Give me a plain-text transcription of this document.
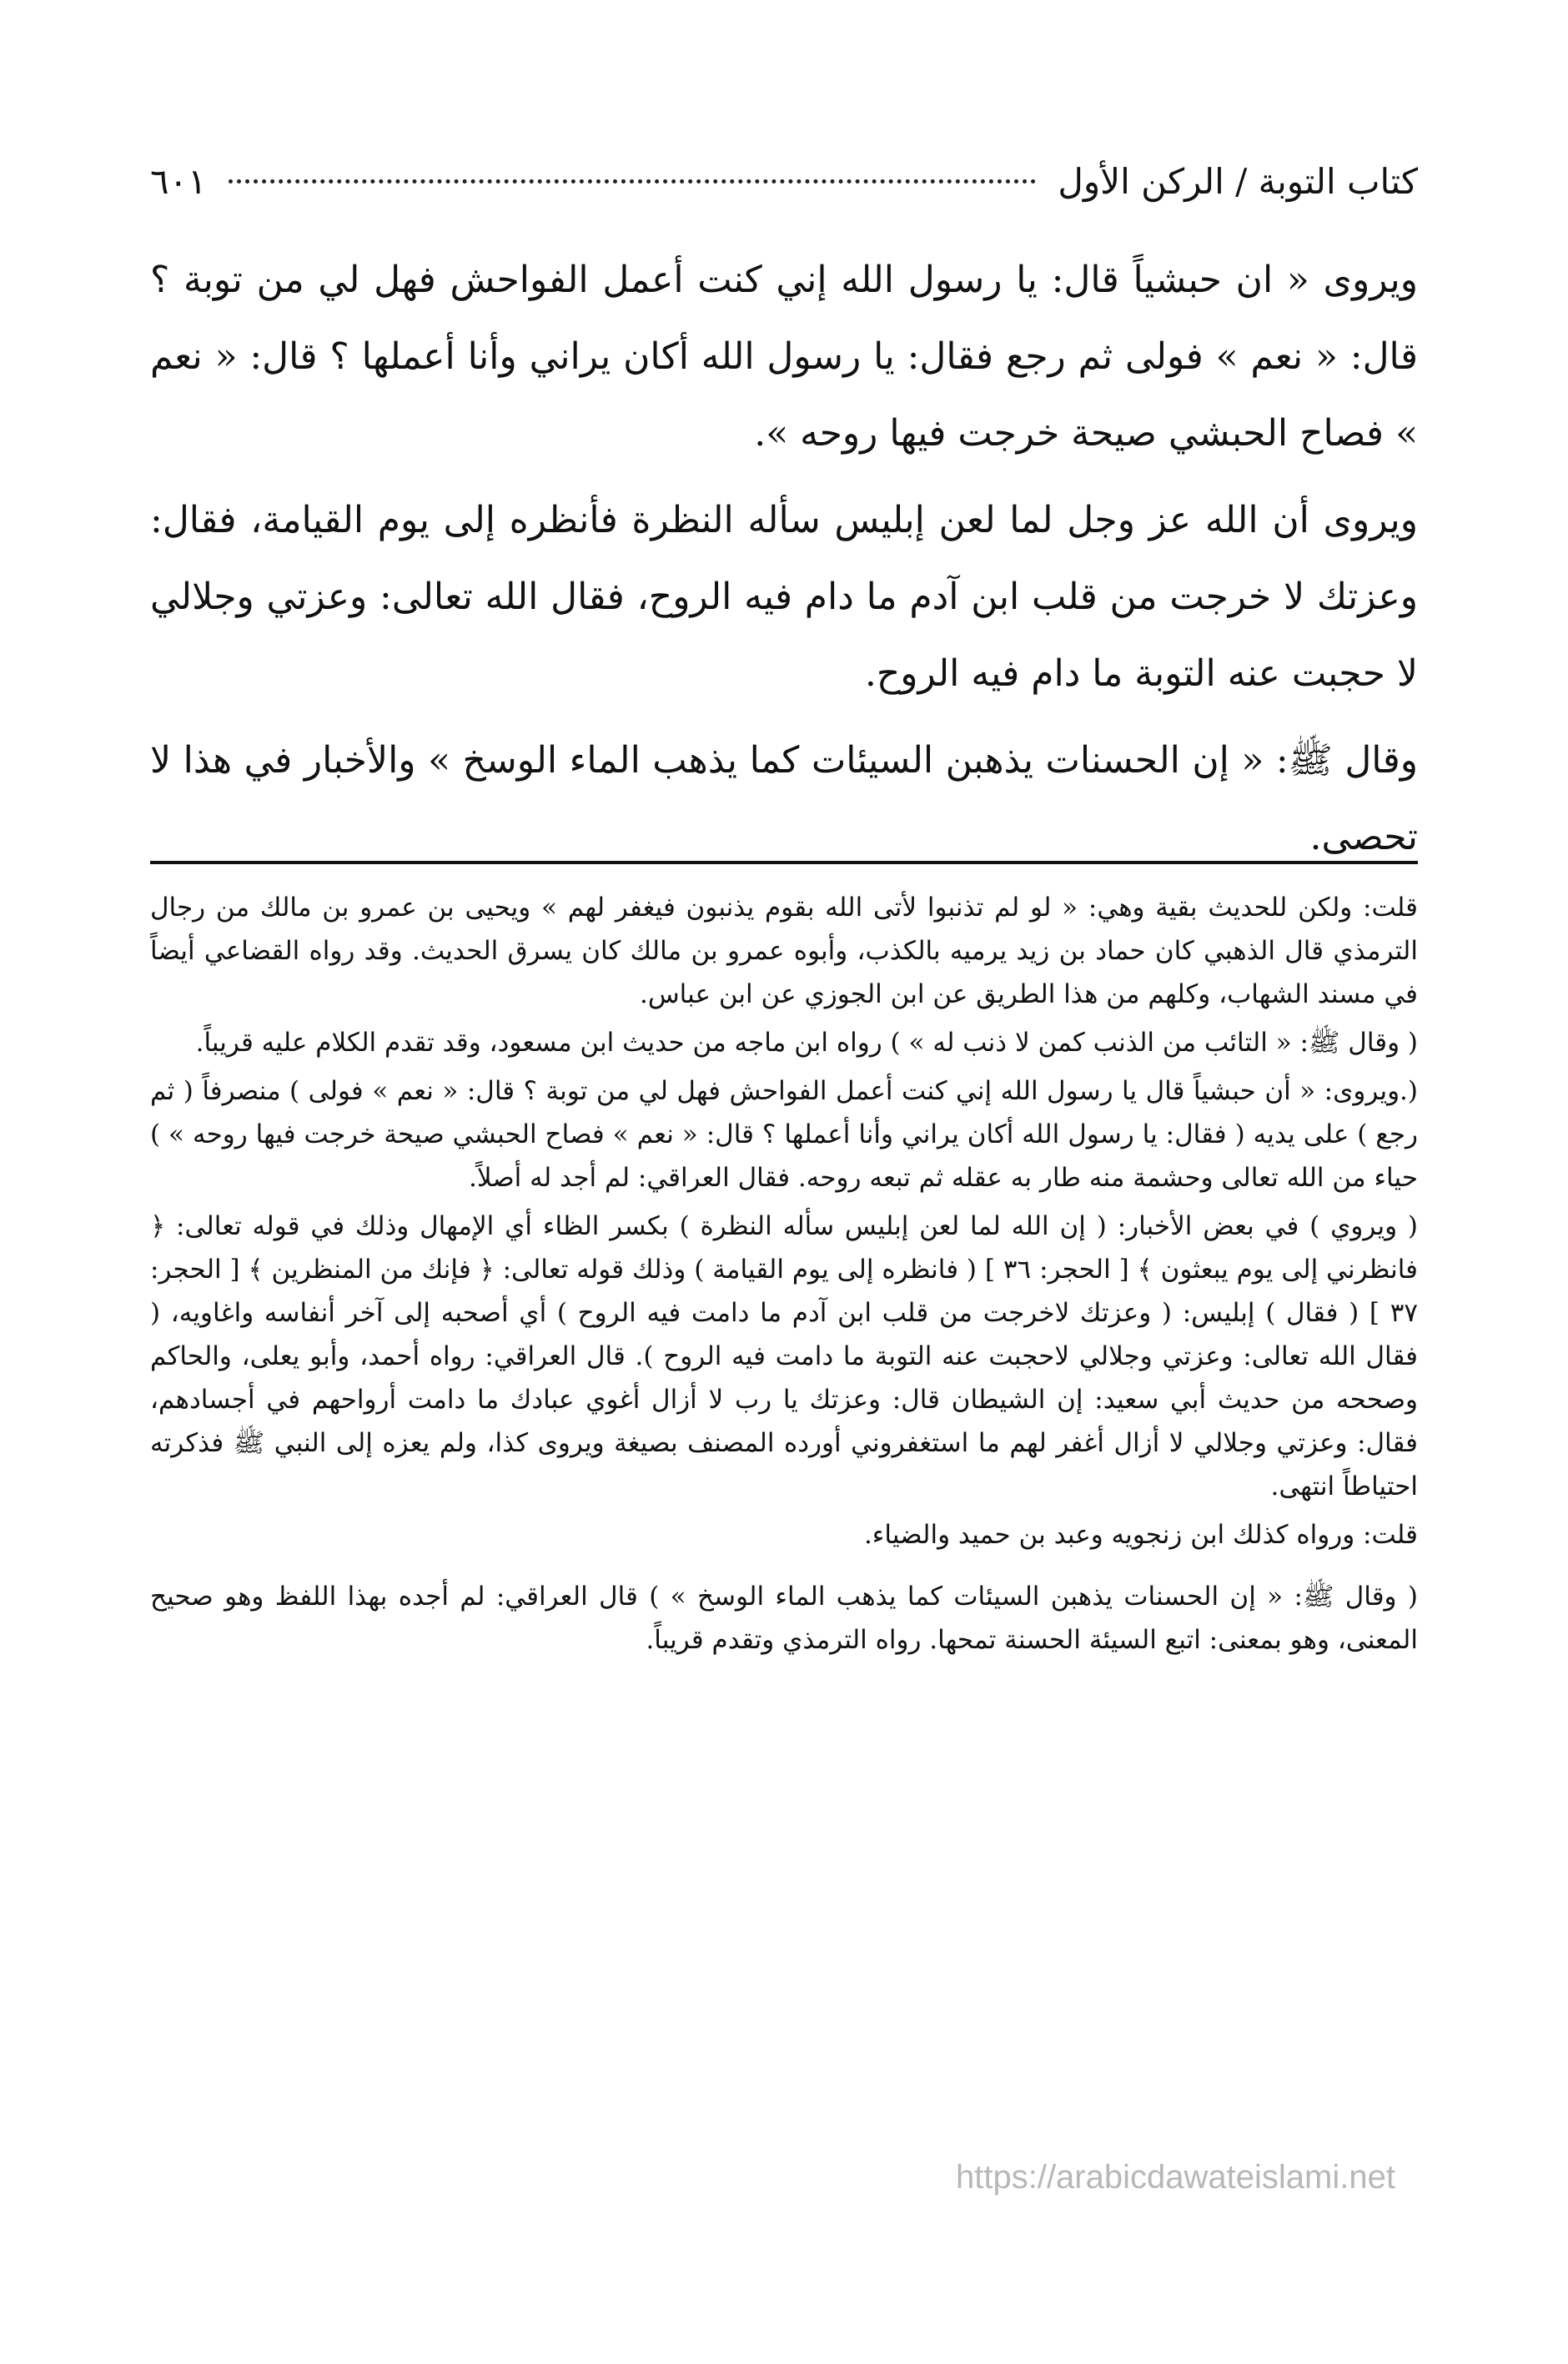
كتاب التوبة / الركن الأول
٦٠١

ويروى « ان حبشياً قال: يا رسول الله إني كنت أعمل الفواحش فهل لي من توبة ؟ قال: « نعم » فولى ثم رجع فقال: يا رسول الله أكان يراني وأنا أعملها ؟ قال: « نعم » فصاح الحبشي صيحة خرجت فيها روحه ».

ويروى أن الله عز وجل لما لعن إبليس سأله النظرة فأنظره إلى يوم القيامة، فقال: وعزتك لا خرجت من قلب ابن آدم ما دام فيه الروح، فقال الله تعالى: وعزتي وجلالي لا حجبت عنه التوبة ما دام فيه الروح.

وقال ﷺ: « إن الحسنات يذهبن السيئات كما يذهب الماء الوسخ » والأخبار في هذا لا تحصى.

قلت: ولكن للحديث بقية وهي: « لو لم تذنبوا لأتى الله بقوم يذنبون فيغفر لهم » ويحيى بن عمرو بن مالك من رجال الترمذي قال الذهبي كان حماد بن زيد يرميه بالكذب، وأبوه عمرو بن مالك كان يسرق الحديث. وقد رواه القضاعي أيضاً في مسند الشهاب، وكلهم من هذا الطريق عن ابن الجوزي عن ابن عباس.

( وقال ﷺ: « التائب من الذنب كمن لا ذنب له » ) رواه ابن ماجه من حديث ابن مسعود، وقد تقدم الكلام عليه قريباً.

(.ويروى: « أن حبشياً قال يا رسول الله إني كنت أعمل الفواحش فهل لي من توبة ؟ قال: « نعم » فولى ) منصرفاً ( ثم رجع ) على يديه ( فقال: يا رسول الله أكان يراني وأنا أعملها ؟ قال: « نعم » فصاح الحبشي صيحة خرجت فيها روحه » ) حياء من الله تعالى وحشمة منه طار به عقله ثم تبعه روحه. فقال العراقي: لم أجد له أصلاً.

( ويروي ) في بعض الأخبار: ( إن الله لما لعن إبليس سأله النظرة ) بكسر الظاء أي الإمهال وذلك في قوله تعالى: ﴿ فانظرني إلى يوم يبعثون ﴾ [ الحجر: ٣٦ ] ( فانظره إلى يوم القيامة ) وذلك قوله تعالى: ﴿ فإنك من المنظرين ﴾ [ الحجر: ٣٧ ] ( فقال ) إبليس: ( وعزتك لاخرجت من قلب ابن آدم ما دامت فيه الروح ) أي أصحبه إلى آخر أنفاسه واغاويه، ( فقال الله تعالى: وعزتي وجلالي لاحجبت عنه التوبة ما دامت فيه الروح ). قال العراقي: رواه أحمد، وأبو يعلى، والحاكم وصححه من حديث أبي سعيد: إن الشيطان قال: وعزتك يا رب لا أزال أغوي عبادك ما دامت أرواحهم في أجسادهم، فقال: وعزتي وجلالي لا أزال أغفر لهم ما استغفروني أورده المصنف بصيغة ويروى كذا، ولم يعزه إلى النبي ﷺ فذكرته احتياطاً انتهى.

قلت: ورواه كذلك ابن زنجويه وعبد بن حميد والضياء.

( وقال ﷺ: « إن الحسنات يذهبن السيئات كما يذهب الماء الوسخ » ) قال العراقي: لم أجده بهذا اللفظ وهو صحيح المعنى، وهو بمعنى: اتبع السيئة الحسنة تمحها. رواه الترمذي وتقدم قريباً.

https://arabicdawateislami.net
